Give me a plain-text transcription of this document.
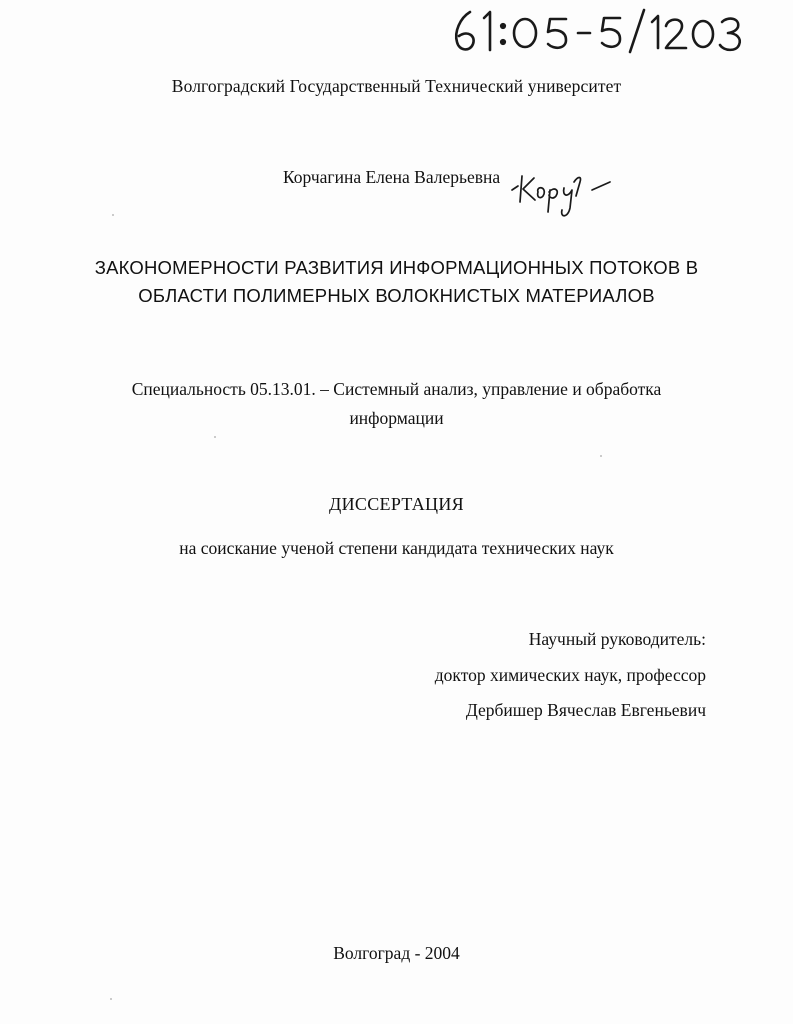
Волгоградский Государственный Технический университет
Корчагина Елена Валерьевна
ЗАКОНОМЕРНОСТИ РАЗВИТИЯ ИНФОРМАЦИОННЫХ ПОТОКОВ В
ОБЛАСТИ ПОЛИМЕРНЫХ ВОЛОКНИСТЫХ МАТЕРИАЛОВ
Специальность 05.13.01. – Системный анализ, управление и обработка
информации
ДИССЕРТАЦИЯ
на соискание ученой степени кандидата технических наук
Научный руководитель:
доктор химических наук, профессор
Дербишер Вячеслав Евгеньевич
Волгоград - 2004
